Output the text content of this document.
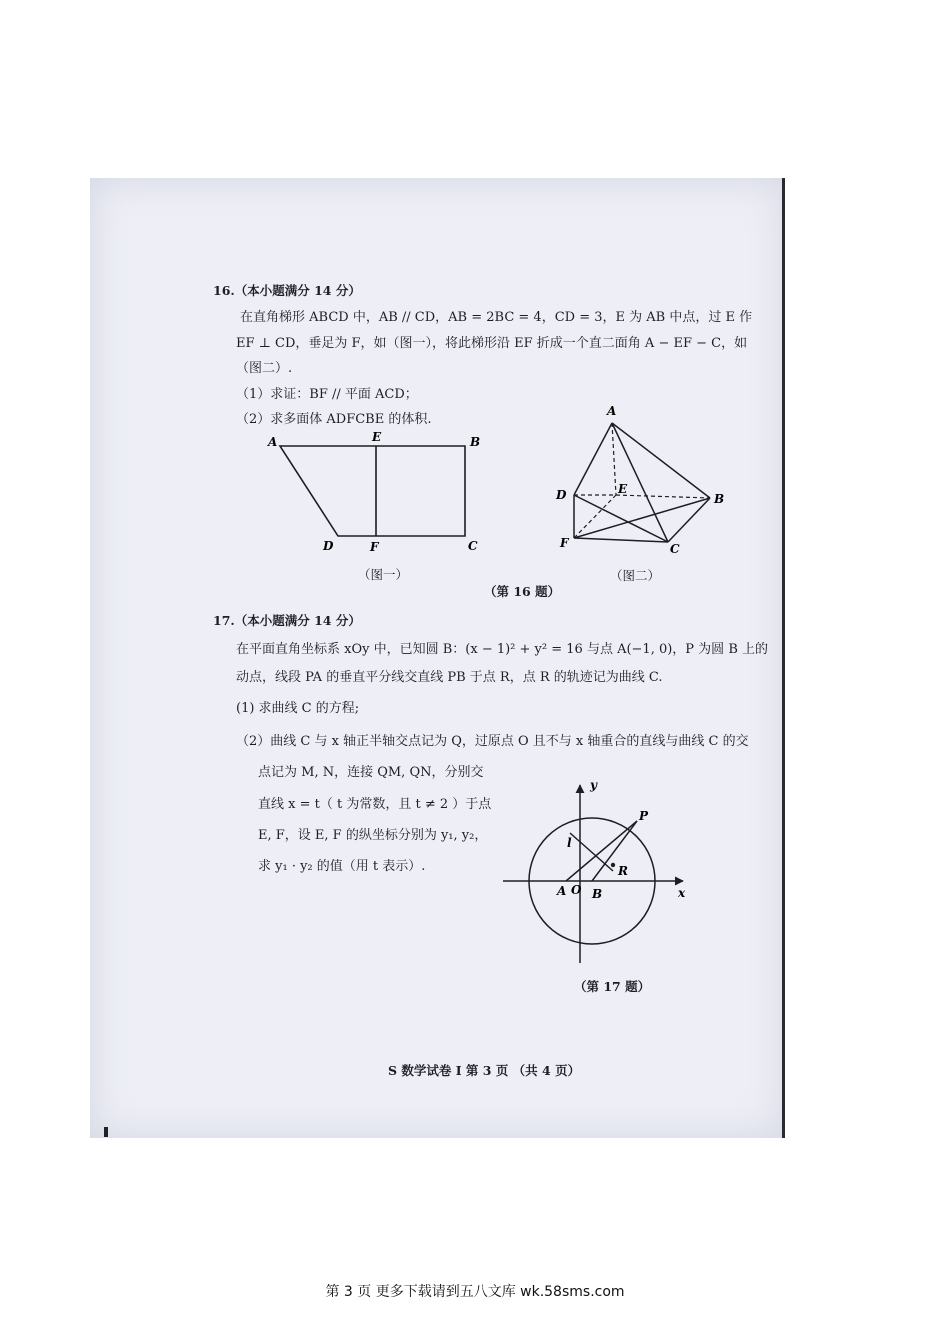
16.（本小题满分 14 分）
在直角梯形 ABCD 中，AB // CD，AB = 2BC = 4，CD = 3，E 为 AB 中点，过 E 作
EF ⊥ CD，垂足为 F，如（图一），将此梯形沿 EF 折成一个直二面角 A − EF − C，如
（图二）.
（1）求证：BF // 平面 ACD；
（2）求多面体 ADFCBE 的体积.
A	E	B
D	F	C
（图一）
（第 16 题）
A
D	E
B
F	C
（图二）
17.（本小题满分 14 分）
在平面直角坐标系 xOy 中，已知圆 B：(x − 1)² + y² = 16 与点 A(−1, 0)，P 为圆 B 上的
动点，线段 PA 的垂直平分线交直线 PB 于点 R，点 R 的轨迹记为曲线 C.
(1) 求曲线 C 的方程;
（2）曲线 C 与 x 轴正半轴交点记为 Q，过原点 O 且不与 x 轴重合的直线与曲线 C 的交
点记为 M, N，连接 QM, QN，分别交
直线 x = t（ t 为常数，且 t ≠ 2 ）于点
E, F，设 E, F 的纵坐标分别为 y₁, y₂，
求 y₁ · y₂ 的值（用 t 表示）.
y
x
P
l
R
A O B
（第 17 题）
S 数学试卷 I 第 3 页 （共 4 页）
第 3 页 更多下载请到五八文库 wk.58sms.com
